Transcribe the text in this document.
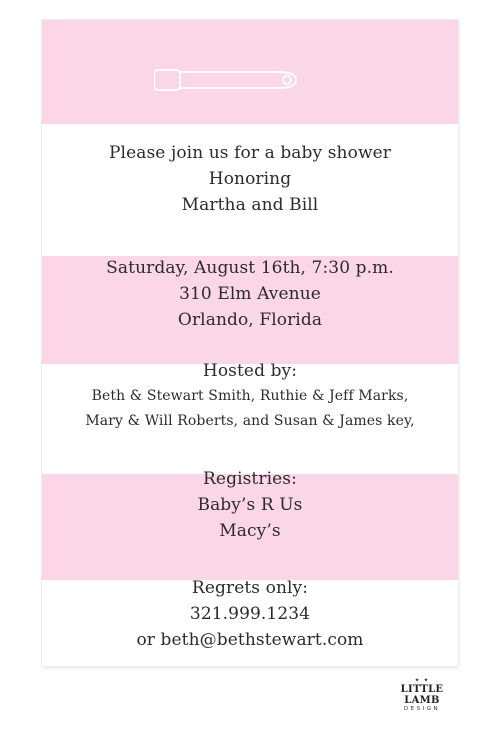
Please join us for a baby shower
Honoring
Martha and Bill
Saturday, August 16th, 7:30 p.m.
310 Elm Avenue
Orlando, Florida
Hosted by:
Beth & Stewart Smith, Ruthie & Jeff Marks,
Mary & Will Roberts, and Susan & James key,
Registries:
Baby’s R Us
Macy’s
Regrets only:
321.999.1234
or beth@bethstewart.com
✦ ✦
LITTLE LAMB
DESIGN
